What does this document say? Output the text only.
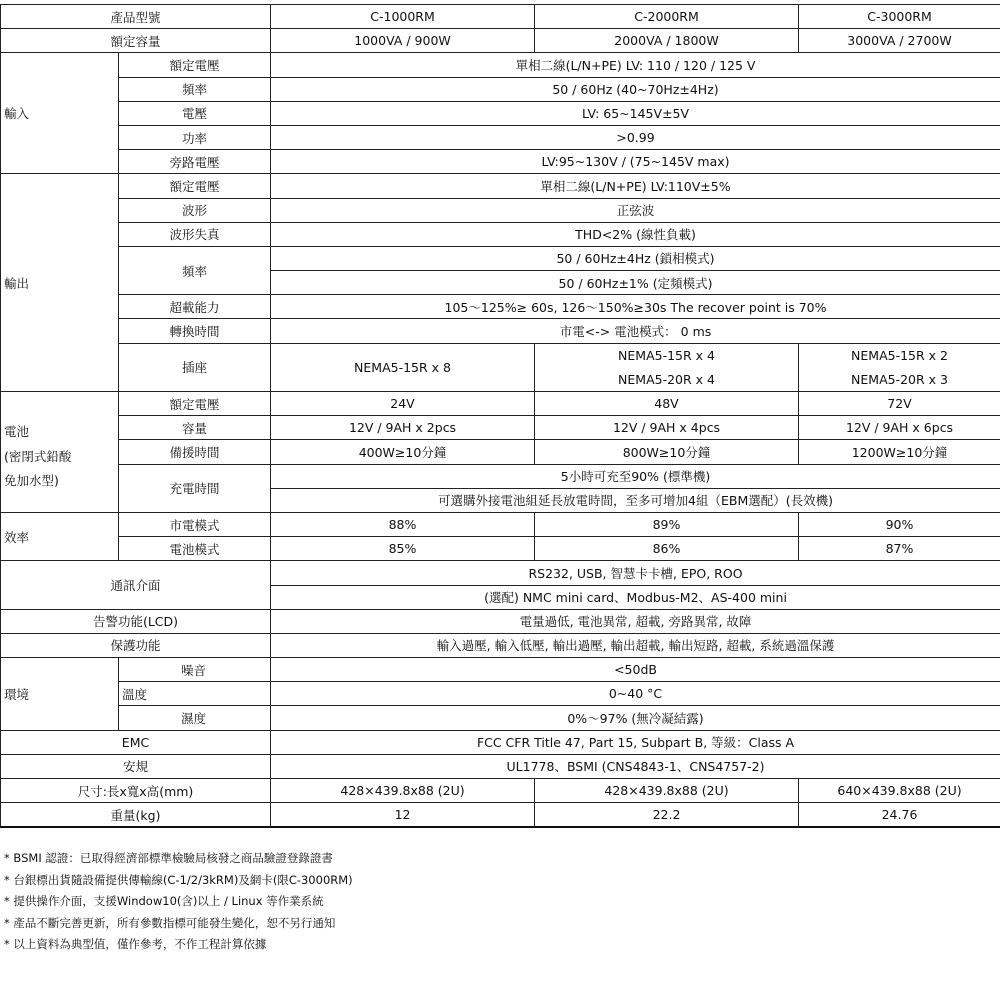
產品型號		C-1000RM	C-2000RM	C-3000RM
額定容量		1000VA / 900W	2000VA / 1800W	3000VA / 2700W
輸入	額定電壓	單相二線(L/N+PE) LV: 110 / 120 / 125 V		
	頻率	50 / 60Hz (40~70Hz±4Hz)		
	電壓	LV: 65~145V±5V		
	功率	>0.99		
	旁路電壓	LV:95~130V / (75~145V max)		
輸出	額定電壓	單相二線(L/N+PE) LV:110V±5%		
	波形	正弦波		
	波形失真	THD<2% (線性負載)		
	頻率	50 / 60Hz±4Hz (鎖相模式)		
		50 / 60Hz±1% (定頻模式)		
	超載能力	105～125%≥ 60s, 126～150%≥30s The recover point is 70%		
	轉換時間	市電<-> 電池模式： 0 ms		
	插座	NEMA5-15R x 8	NEMA5-15R x 4	NEMA5-15R x 2
			NEMA5-20R x 4	NEMA5-20R x 3

電池
(密閉式鉛酸
免加水型)	額定電壓	24V	48V	72V
	容量	12V / 9AH x 2pcs	12V / 9AH x 4pcs	12V / 9AH x 6pcs
	備援時間	400W≥10分鐘	800W≥10分鐘	1200W≥10分鐘
	充電時間	5小時可充至90% (標準機)		
		可選購外接電池組延長放電時間，至多可增加4組（EBM選配）(長效機)		
效率	市電模式	88%	89%	90%
	電池模式	85%	86%	87%
通訊介面		RS232, USB, 智慧卡卡槽, EPO, ROO		
		(選配) NMC mini card、Modbus-M2、AS-400 mini		
告警功能(LCD)		電量過低, 電池異常, 超載, 旁路異常, 故障		
保護功能		輸入過壓, 輸入低壓, 輸出過壓, 輸出超載, 輸出短路, 超載, 系統過溫保護		
環境	噪音	<50dB		
	溫度	0~40 °C		
	濕度	0%～97% (無冷凝結露)		
EMC		FCC CFR Title 47, Part 15, Subpart B, 等級：Class A		
安規		UL1778、BSMI (CNS4843-1、CNS4757-2)		
尺寸:長x寬x高(mm)		428×439.8x88 (2U)	428×439.8x88 (2U)	640×439.8x88 (2U)
重量(kg)		12	22.2	24.76
* BSMI 認證：已取得經濟部標準檢驗局核發之商品驗證登錄證書
* 台銀標出貨隨設備提供傳輸線(C-1/2/3kRM)及網卡(限C-3000RM)
* 提供操作介面，支援Window10(含)以上 / Linux 等作業系統
* 產品不斷完善更新，所有參數指標可能發生變化，恕不另行通知
* 以上資料為典型值，僅作參考，不作工程計算依據
